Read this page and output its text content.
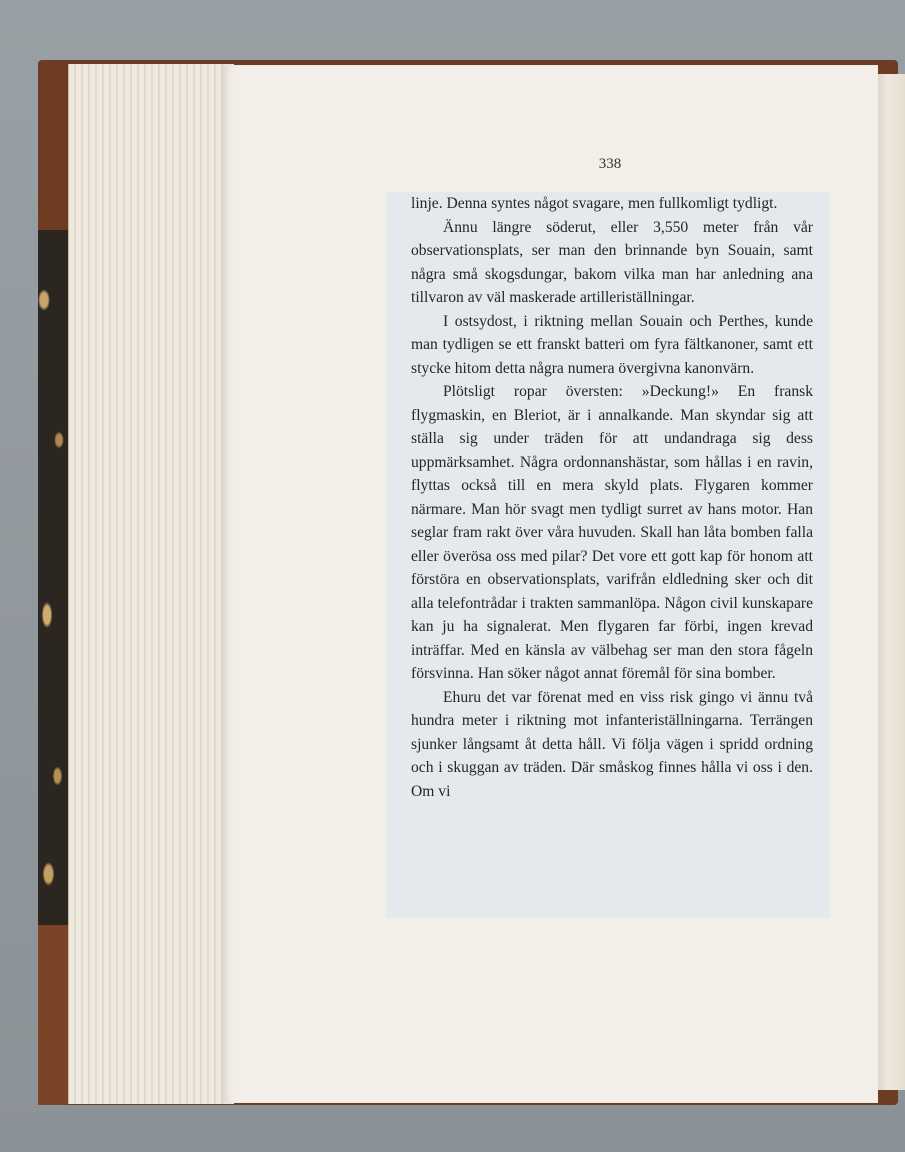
338

linje. Denna syntes något svagare, men fullkomligt tydligt.

Ännu längre söderut, eller 3,550 meter från vår observationsplats, ser man den brinnande byn Souain, samt några små skogsdungar, bakom vilka man har anledning ana tillvaron av väl maskerade artilleriställningar.

I ostsydost, i riktning mellan Souain och Perthes, kunde man tydligen se ett franskt batteri om fyra fältkanoner, samt ett stycke hitom detta några numera övergivna kanonvärn.

Plötsligt ropar översten: »Deckung!» En fransk flygmaskin, en Bleriot, är i annalkande. Man skyndar sig att ställa sig under träden för att undandraga sig dess uppmärksamhet. Några ordonnanshästar, som hållas i en ravin, flyttas också till en mera skyld plats. Flygaren kommer närmare. Man hör svagt men tydligt surret av hans motor. Han seglar fram rakt över våra huvuden. Skall han låta bomben falla eller överösa oss med pilar? Det vore ett gott kap för honom att förstöra en observationsplats, varifrån eldledning sker och dit alla telefontrådar i trakten sammanlöpa. Någon civil kunskapare kan ju ha signalerat. Men flygaren far förbi, ingen krevad inträffar. Med en känsla av välbehag ser man den stora fågeln försvinna. Han söker något annat föremål för sina bomber.

Ehuru det var förenat med en viss risk gingo vi ännu två hundra meter i riktning mot infanteriställningarna. Terrängen sjunker långsamt åt detta håll. Vi följa vägen i spridd ordning och i skuggan av träden. Där småskog finnes hålla vi oss i den. Om vi
